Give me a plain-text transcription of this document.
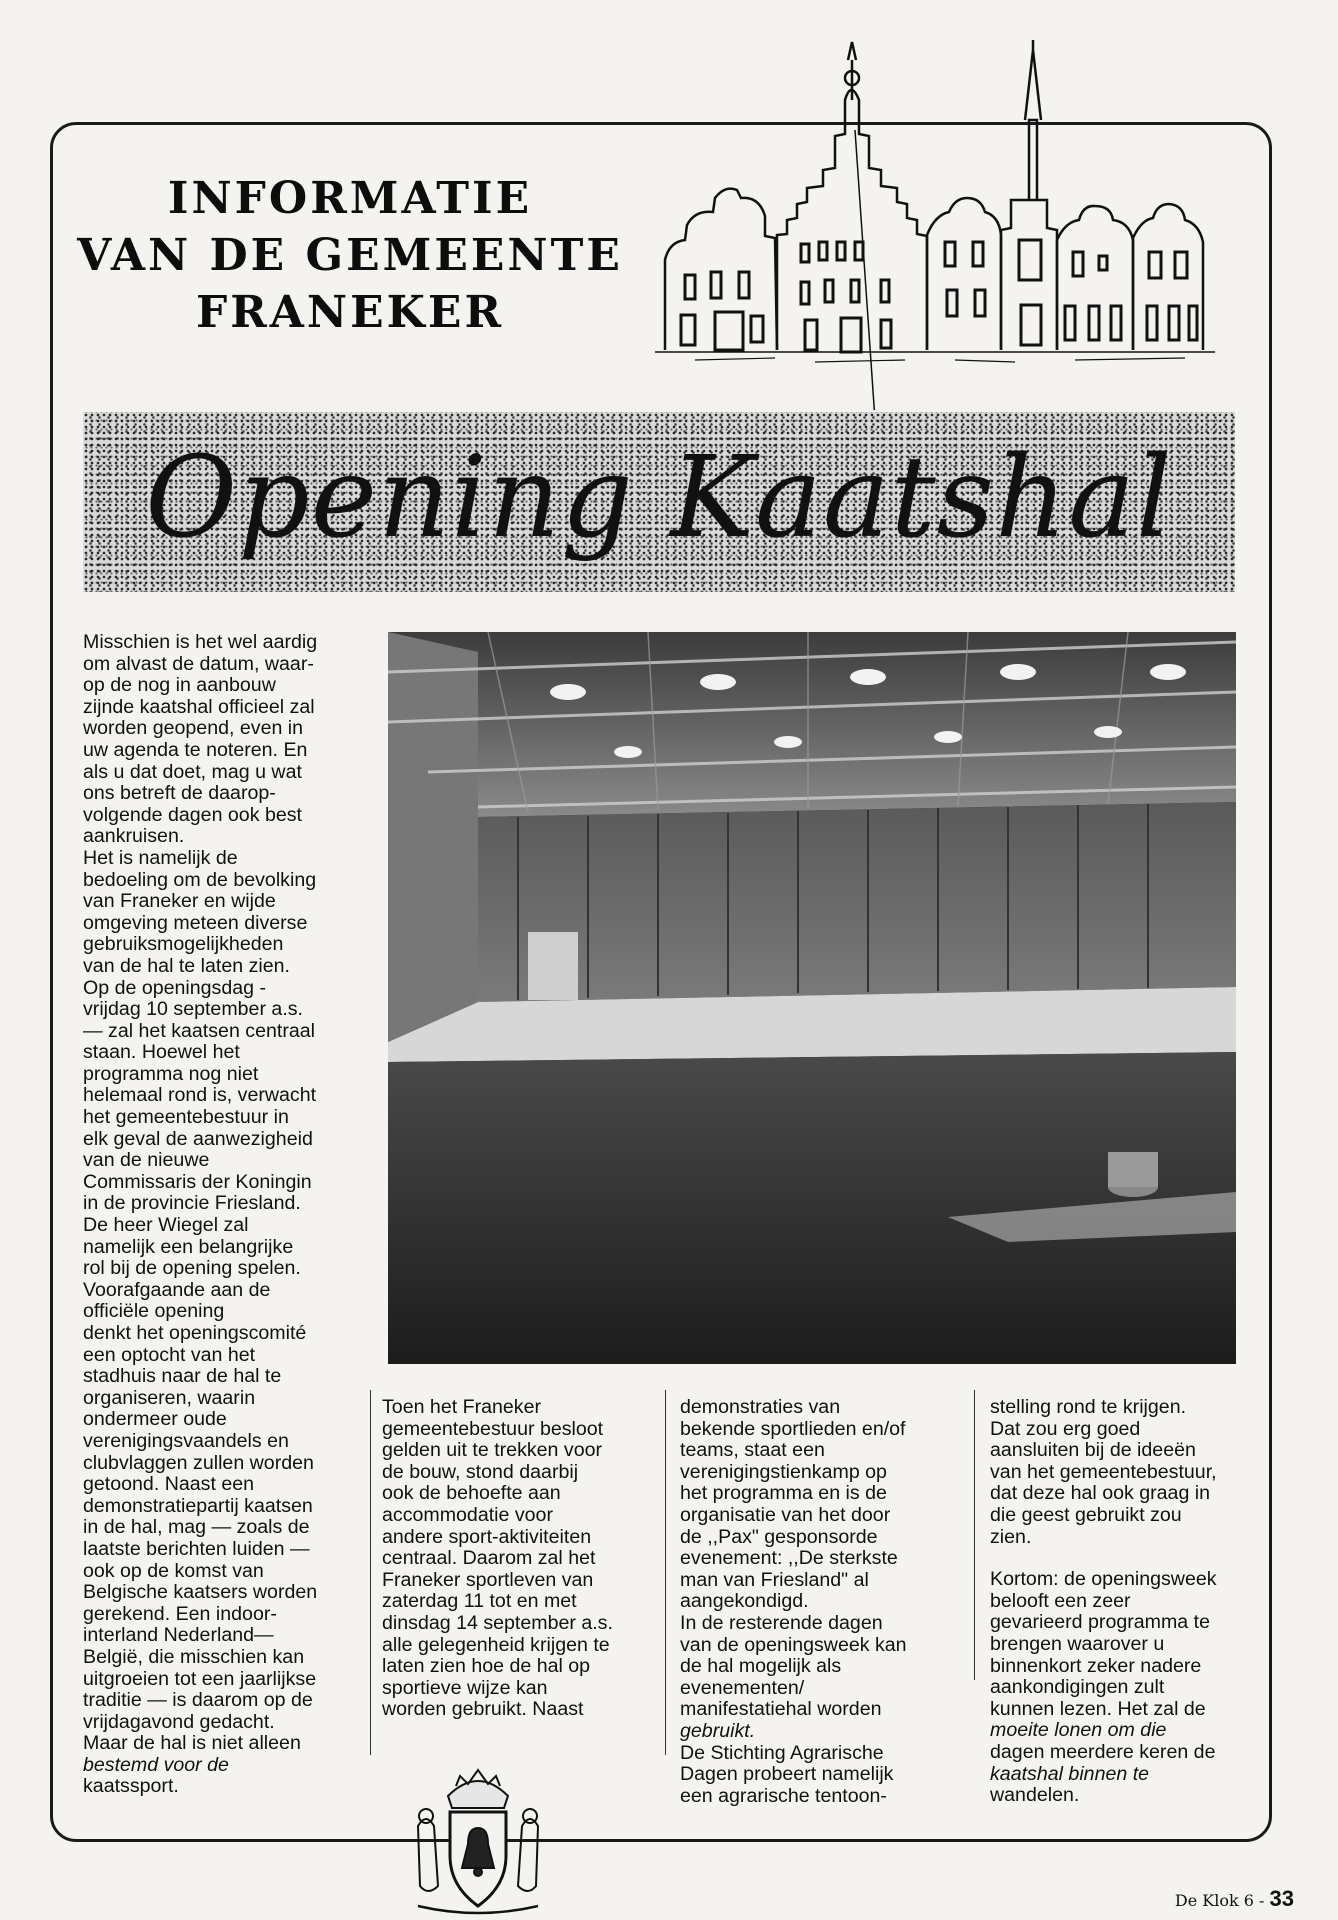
INFORMATIE
VAN DE GEMEENTE
FRANEKER
Opening Kaatshal

Misschien is het wel aardig

om alvast de datum, waar-

op de nog in aanbouw

zijnde kaatshal officieel zal

worden geopend, even in

uw agenda te noteren. En

als u dat doet, mag u wat

ons betreft de daarop-

volgende dagen ook best

aankruisen.

Het is namelijk de

bedoeling om de bevolking

van Franeker en wijde

omgeving meteen diverse

gebruiksmogelijkheden

van de hal te laten zien.

Op de openingsdag -

vrijdag 10 september a.s.

— zal het kaatsen centraal

staan. Hoewel het

programma nog niet

helemaal rond is, verwacht

het gemeentebestuur in

elk geval de aanwezigheid

van de nieuwe

Commissaris der Koningin

in de provincie Friesland.

De heer Wiegel zal

namelijk een belangrijke

rol bij de opening spelen.

Voorafgaande aan de

officiële opening

denkt het openingscomité

een optocht van het

stadhuis naar de hal te

organiseren, waarin

ondermeer oude

verenigingsvaandels en

clubvlaggen zullen worden

getoond. Naast een

demonstratiepartij kaatsen

in de hal, mag — zoals de

laatste berichten luiden —

ook op de komst van

Belgische kaatsers worden

gerekend. Een indoor-

interland Nederland—

België, die misschien kan

uitgroeien tot een jaarlijkse

traditie — is daarom op de

vrijdagavond gedacht.

Maar de hal is niet alleen

bestemd voor de

kaatssport.

Toen het Franeker

gemeentebestuur besloot

gelden uit te trekken voor

de bouw, stond daarbij

ook de behoefte aan

accommodatie voor

andere sport-aktiviteiten

centraal. Daarom zal het

Franeker sportleven van

zaterdag 11 tot en met

dinsdag 14 september a.s.

alle gelegenheid krijgen te

laten zien hoe de hal op

sportieve wijze kan

worden gebruikt. Naast

demonstraties van

bekende sportlieden en/of

teams, staat een

verenigingstienkamp op

het programma en is de

organisatie van het door

de ,,Pax" gesponsorde

evenement: ,,De sterkste

man van Friesland" al

aangekondigd.

In de resterende dagen

van de openingsweek kan

de hal mogelijk als

evenementen/

manifestatiehal worden

gebruikt.

De Stichting Agrarische

Dagen probeert namelijk

een agrarische tentoon-

stelling rond te krijgen.

Dat zou erg goed

aansluiten bij de ideeën

van het gemeentebestuur,

dat deze hal ook graag in

die geest gebruikt zou

zien.

Kortom: de openingsweek

belooft een zeer

gevarieerd programma te

brengen waarover u

binnenkort zeker nadere

aankondigingen zult

kunnen lezen. Het zal de

moeite lonen om die

dagen meerdere keren de

kaatshal binnen te

wandelen.

De Klok 6 - 33
